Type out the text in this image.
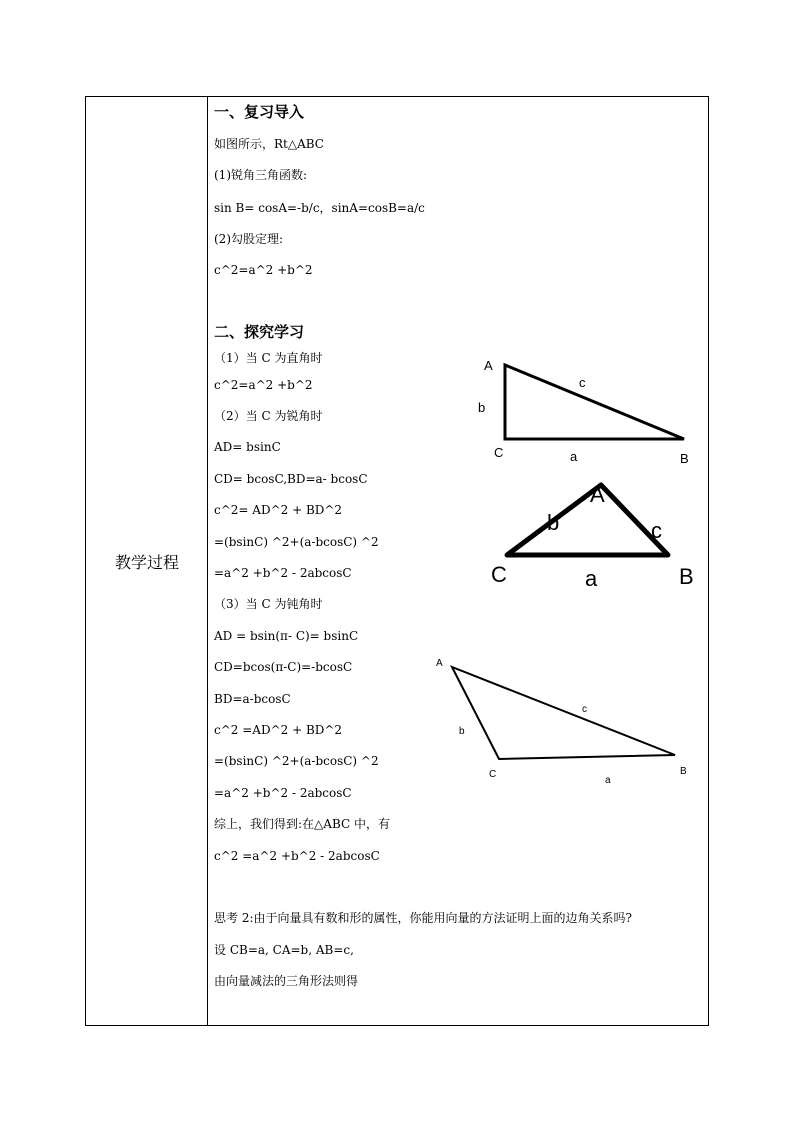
教学过程
一、复习导入
如图所示，Rt△ABC
(1)锐角三角函数:
sin B= cosA=-b/c，sinA=cosB=a/c
(2)勾股定理:
c^2=a^2 +b^2
二、探究学习
（1）当 C 为直角时
c^2=a^2 +b^2
（2）当 C 为锐角时
AD= bsinC
CD= bcosC,BD=a- bcosC
c^2= AD^2 + BD^2
=(bsinC) ^2+(a-bcosC) ^2
=a^2 +b^2 - 2abcosC
（3）当 C 为钝角时
AD = bsin(π- C)= bsinC
CD=bcos(π-C)=-bcosC
BD=a-bcosC
c^2 =AD^2 + BD^2
=(bsinC) ^2+(a-bcosC) ^2
=a^2 +b^2 - 2abcosC
综上，我们得到:在△ABC 中，有
c^2 =a^2 +b^2 - 2abcosC
思考 2:由于向量具有数和形的属性，你能用向量的方法证明上面的边角关系吗?
设 CB=a, CA=b, AB=c,
由向量减法的三角形法则得
A
b
c
C	a	B
A
b	c
C	a	B
A
b
c
C
a
B
